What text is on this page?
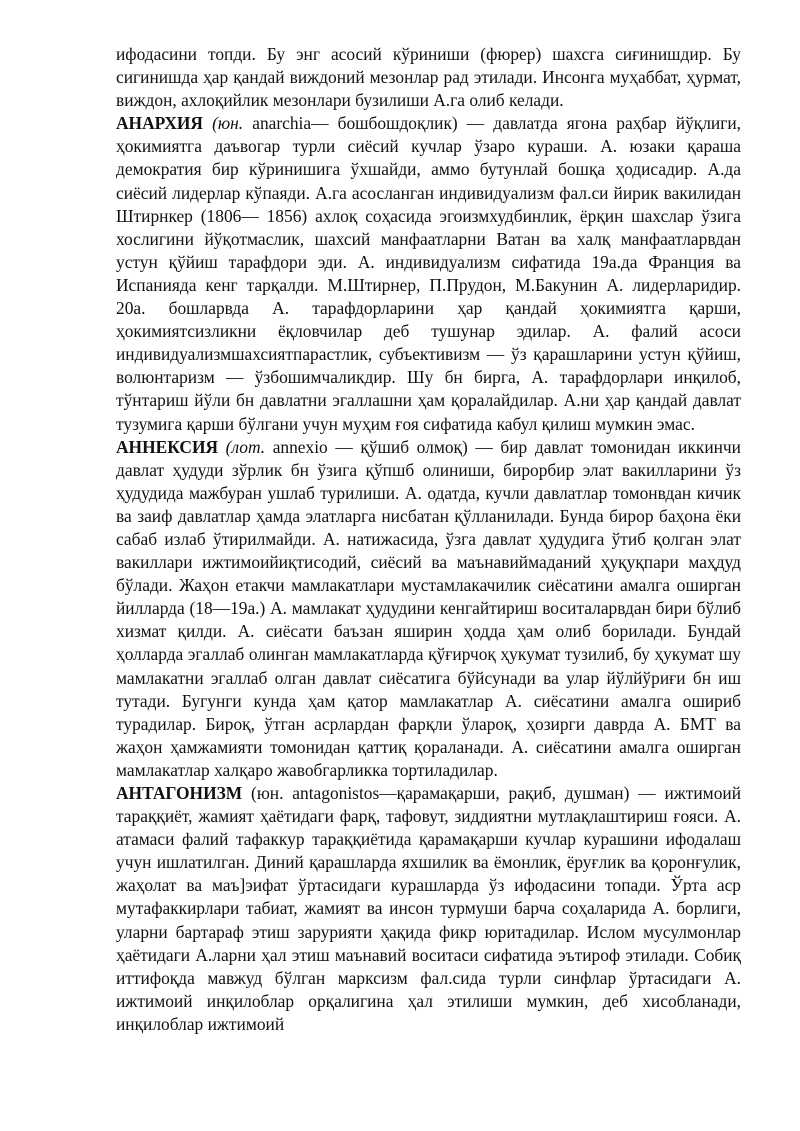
ифодасини топди. Бу энг асосий кўриниши (фюрер) шахсга сиғинишдир. Бу сигинишда ҳар қандай виждоний мезонлар рад этилади. Инсонга муҳаббат, ҳурмат, виждон, ахлоқийлик мезонлари бузилиши А.га олиб келади.

АНАРХИЯ (юн. anarchia— бошбошдоқлик) — давлатда ягона раҳбар йўқлиги, ҳокимиятга даъвогар турли сиёсий кучлар ўзаро кураши. А. юзаки қараша демократия бир кўринишига ўхшайди, аммо бутунлай бошқа ҳодисадир. А.да сиёсий лидерлар кўпаяди. А.га асосланган индивидуализм фал.си йирик вакилидан Штирнкер (1806— 1856) ахлоқ соҳасида эгоизмхудбинлик, ёрқин шахслар ўзига хослигини йўқотмаслик, шахсий манфаатларни Ватан ва халқ манфаатларвдан устун қўйиш тарафдори эди. А. индивидуализм сифатида 19а.да Франция ва Испанияда кенг тарқалди. М.Штирнер, П.Прудон, М.Бакунин А. лидерларидир. 20а. бошларвда А. тарафдорларини ҳар қандай ҳокимиятга қарши, ҳокимиятсизликни ёқловчилар деб тушунар эдилар. А. фалий асоси индивидуализмшахсиятпарастлик, субъективизм — ўз қарашларини устун қўйиш, волюнтаризм — ўзбошимчаликдир. Шу бн бирга, А. тарафдорлари инқилоб, тўнтариш йўли бн давлатни эгаллашни ҳам қоралайдилар. А.ни ҳар қандай давлат тузумига қарши бўлгани учун муҳим ғоя сифатида кабул қилиш мумкин эмас.

АННЕКСИЯ (лот. annexio — қўшиб олмоқ) — бир давлат томонидан иккинчи давлат ҳудуди зўрлик бн ўзига қўпшб олиниши, бирорбир элат вакилларини ўз ҳудудида мажбуран ушлаб турилиши. А. одатда, кучли давлатлар томонвдан кичик ва заиф давлатлар ҳамда элатларга нисбатан қўлланилади. Бунда бирор баҳона ёки сабаб излаб ўтирилмайди. А. натижасида, ўзга давлат ҳудудига ўтиб қолган элат вакиллари ижтимоийиқтисодий, сиёсий ва маънавиймаданий ҳуқуқпари маҳдуд бўлади. Жаҳон етакчи мамлакатлари мустамлакачилик сиёсатини амалга оширган йилларда (18—19а.) А. мамлакат ҳудудини кенгайтириш воситаларвдан бири бўлиб хизмат қилди. А. сиёсати баъзан яширин ҳодда ҳам олиб борилади. Бундай ҳолларда эгаллаб олинган мамлакатларда қўғирчоқ ҳукумат тузилиб, бу ҳукумат шу мамлакатни эгаллаб олган давлат сиёсатига бўйсунади ва улар йўлйўриғи бн иш тутади. Бугунги кунда ҳам қатор мамлакатлар А. сиёсатини амалга ошириб турадилар. Бироқ, ўтган асрлардан фарқли ўлароқ, ҳозирги даврда А. БМТ ва жаҳон ҳамжамияти томонидан қаттиқ қораланади. А. сиёсатини амалга оширган мамлакатлар халқаро жавобгарликка тортиладилар.

АНТАГОНИЗМ (юн. antagonistos—қарамақарши, рақиб, душман) — ижтимоий тараққиёт, жамият ҳаётидаги фарқ, тафовут, зиддиятни мутлақлаштириш ғояси. А. атамаси фалий тафаккур тараққиётида қарамақарши кучлар курашини ифодалаш учун ишлатилган. Диний қарашларда яхшилик ва ёмонлик, ёруғлик ва қоронғулик, жаҳолат ва маъ]эифат ўртасидаги курашларда ўз ифодасини топади. Ўрта аср мутафаккирлари табиат, жамият ва инсон турмуши барча соҳаларида А. борлиги, уларни бартараф этиш зарурияти ҳақида фикр юритадилар. Ислом мусулмонлар ҳаётидаги А.ларни ҳал этиш маънавий воситаси сифатида эътироф этилади. Собиқ иттифоқда мавжуд бўлган марксизм фал.сида турли синфлар ўртасидаги А. ижтимоий инқилоблар орқалигина ҳал этилиши мумкин, деб хисобланади, инқилоблар ижтимоий
